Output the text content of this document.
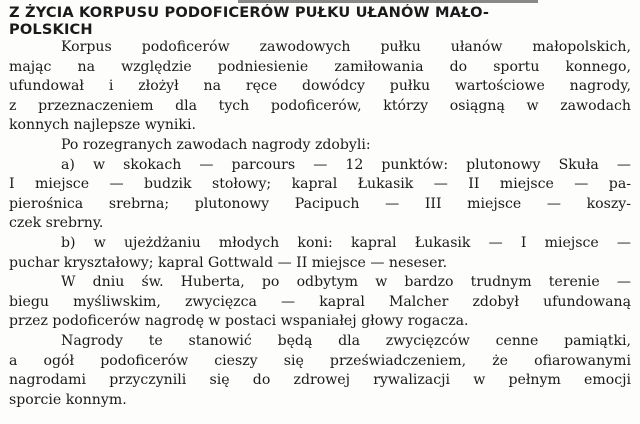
Z ŻYCIA KORPUSU PODOFICERÓW PUŁKU UŁANÓW MAŁO-
POLSKICH
Korpus podoficerów zawodowych pułku ułanów małopolskich,
mając na względzie podniesienie zamiłowania do sportu konnego,
ufundował i złożył na ręce dowódcy pułku wartościowe nagrody,
z przeznaczeniem dla tych podoficerów, którzy osiągną w zawodach
konnych najlepsze wyniki.
Po rozegranych zawodach nagrody zdobyli:
a) w skokach — parcours — 12 punktów: plutonowy Skuła —
I miejsce — budzik stołowy; kapral Łukasik — II miejsce — pa-
pierośnica srebrna; plutonowy Pacipuch — III miejsce — koszy-
czek srebrny.
b) w ujeżdżaniu młodych koni: kapral Łukasik — I miejsce —
puchar kryształowy; kapral Gottwald — II miejsce — neseser.
W dniu św. Huberta, po odbytym w bardzo trudnym terenie —
biegu myśliwskim, zwycięzca — kapral Malcher zdobył ufundowaną
przez podoficerów nagrodę w postaci wspaniałej głowy rogacza.
Nagrody te stanowić będą dla zwycięzców cenne pamiątki,
a ogół podoficerów cieszy się przeświadczeniem, że ofiarowanymi
nagrodami przyczynili się do zdrowej rywalizacji w pełnym emocji
sporcie konnym.
